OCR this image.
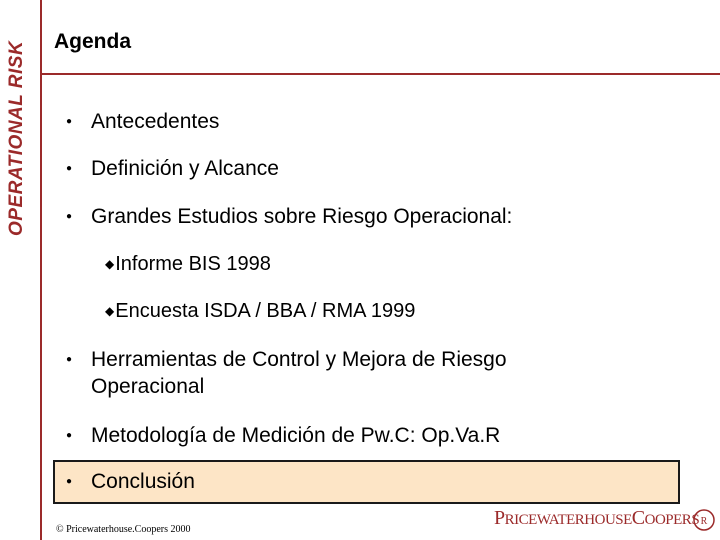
OPERATIONAL RISK Agenda
● Antecedentes
● Definición y Alcance
● Grandes Estudios sobre Riesgo Operacional:
◆Informe BIS 1998
◆Encuesta ISDA / BBA / RMA 1999
● Herramientas de Control y Mejora de Riesgo Operacional
● Metodología de Medición de Pw.C: Op.Va.R
● Conclusión
© Pricewaterhouse.Coopers 2000
PRICEWATERHOUSECOOPERS R
